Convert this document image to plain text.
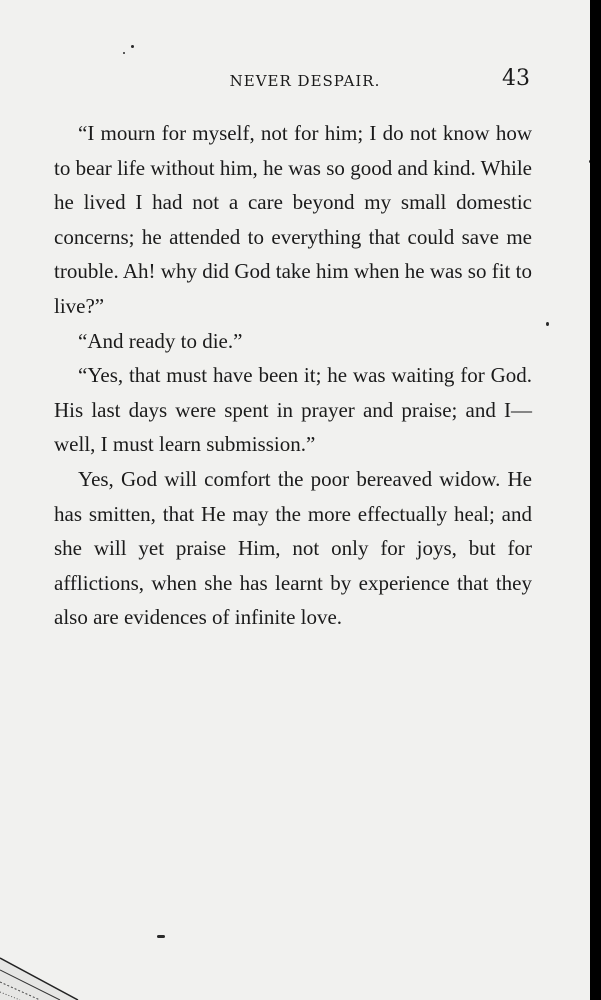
NEVER DESPAIR.	43

“I mourn for myself, not for him; I do not know how to bear life without him, he was so good and kind. While he lived I had not a care beyond my small domestic concerns; he attended to everything that could save me trouble. Ah! why did God take him when he was so fit to live?”

“And ready to die.”

“Yes, that must have been it; he was waiting for God. His last days were spent in prayer and praise; and I—well, I must learn submission.”

Yes, God will comfort the poor bereaved widow. He has smitten, that He may the more effectually heal; and she will yet praise Him, not only for joys, but for afflictions, when she has learnt by experience that they also are evidences of infinite love.
